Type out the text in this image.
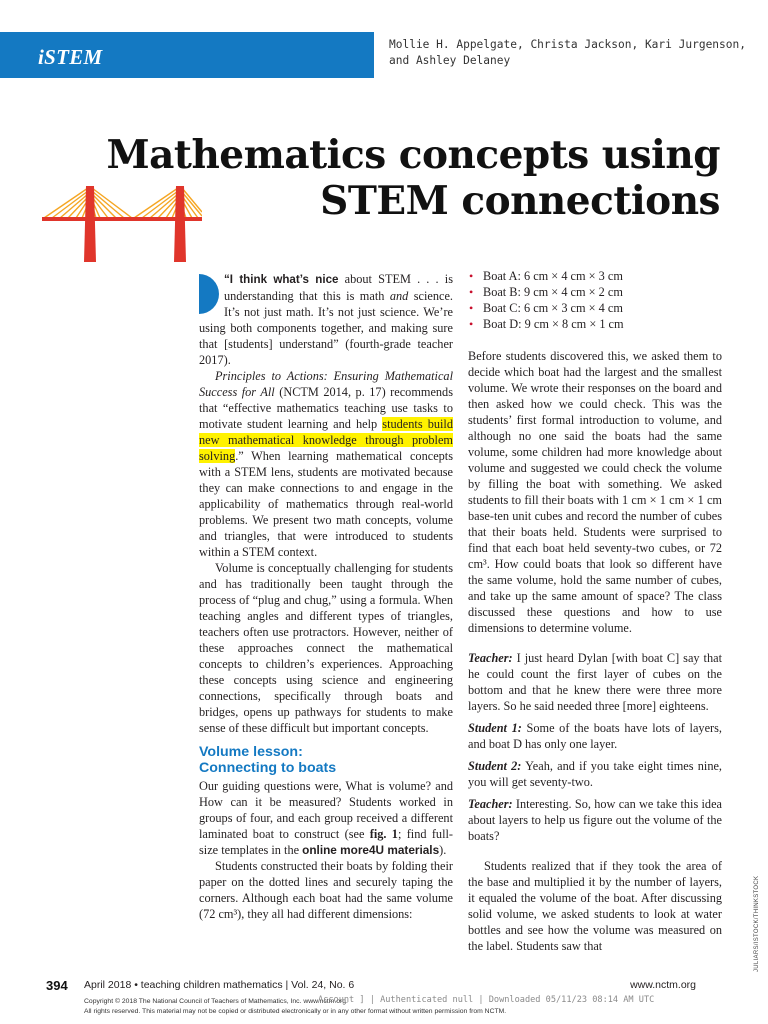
iSTEM
Mollie H. Appelgate, Christa Jackson, Kari Jurgenson,
and Ashley Delaney
Mathematics concepts using
STEM connections

“I think what’s nice about STEM . . . is understanding that this is math and science. It’s not just math. It’s not just science. We’re using both components together, and making sure that [students] understand” (fourth-grade teacher 2017).

Principles to Actions: Ensuring Mathematical Success for All (NCTM 2014, p. 17) recommends that “effective mathematics teaching use tasks to motivate student learning and help students build new mathematical knowledge through problem solving.” When learning mathematical concepts with a STEM lens, students are motivated because they can make connections to and engage in the applicability of mathematics through real-world problems. We present two math concepts, volume and triangles, that were introduced to students within a STEM context.

Volume is conceptually challenging for students and has traditionally been taught through the process of “plug and chug,” using a formula. When teaching angles and different types of triangles, teachers often use protractors. However, neither of these approaches connect the mathematical concepts to children’s experiences. Approaching these concepts using science and engineering connections, specifically through boats and bridges, opens up pathways for students to make sense of these difficult but important concepts.

Volume lesson:
Connecting to boats

Our guiding questions were, What is volume? and How can it be measured? Students worked in groups of four, and each group received a different laminated boat to construct (see fig. 1; find full-size templates in the online more4U materials).

Students constructed their boats by folding their paper on the dotted lines and securely taping the corners. Although each boat had the same volume (72 cm³), they all had different dimensions:

• Boat A: 6 cm × 4 cm × 3 cm
• Boat B: 9 cm × 4 cm × 2 cm
• Boat C: 6 cm × 3 cm × 4 cm
• Boat D: 9 cm × 8 cm × 1 cm

Before students discovered this, we asked them to decide which boat had the largest and the smallest volume. We wrote their responses on the board and then asked how we could check. This was the students’ first formal introduction to volume, and although no one said the boats had the same volume, some children had more knowledge about volume and suggested we could check the volume by filling the boat with something. We asked students to fill their boats with 1 cm × 1 cm × 1 cm base-ten unit cubes and record the number of cubes that their boats held. Students were surprised to find that each boat held seventy-two cubes, or 72 cm³. How could boats that look so different have the same volume, hold the same number of cubes, and take up the same amount of space? The class discussed these questions and how to use dimensions to determine volume.

Teacher: I just heard Dylan [with boat C] say that he could count the first layer of cubes on the bottom and that he knew there were three more layers. So he said needed three [more] eighteens.

Student 1: Some of the boats have lots of layers, and boat D has only one layer.

Student 2: Yeah, and if you take eight times nine, you will get seventy-two.

Teacher: Interesting. So, how can we take this idea about layers to help us figure out the volume of the boats?

Students realized that if they took the area of the base and multiplied it by the number of layers, it equaled the volume of the boat. After discussing solid volume, we asked students to look at water bottles and see how the volume was measured on the label. Students saw that	JULIARS/ISTOCK/THINKSTOCK
394 April 2018 • teaching children mathematics | Vol. 24, No. 6	www.nctm.org
Copyright © 2018 The National Council of Teachers of Mathematics, Inc. www.nctm.org.
All rights reserved. This material may not be copied or distributed electronically or in any other format without written permission from NCTM.
Account ] | Authenticated null | Downloaded 05/11/23 08:14 AM UTC
